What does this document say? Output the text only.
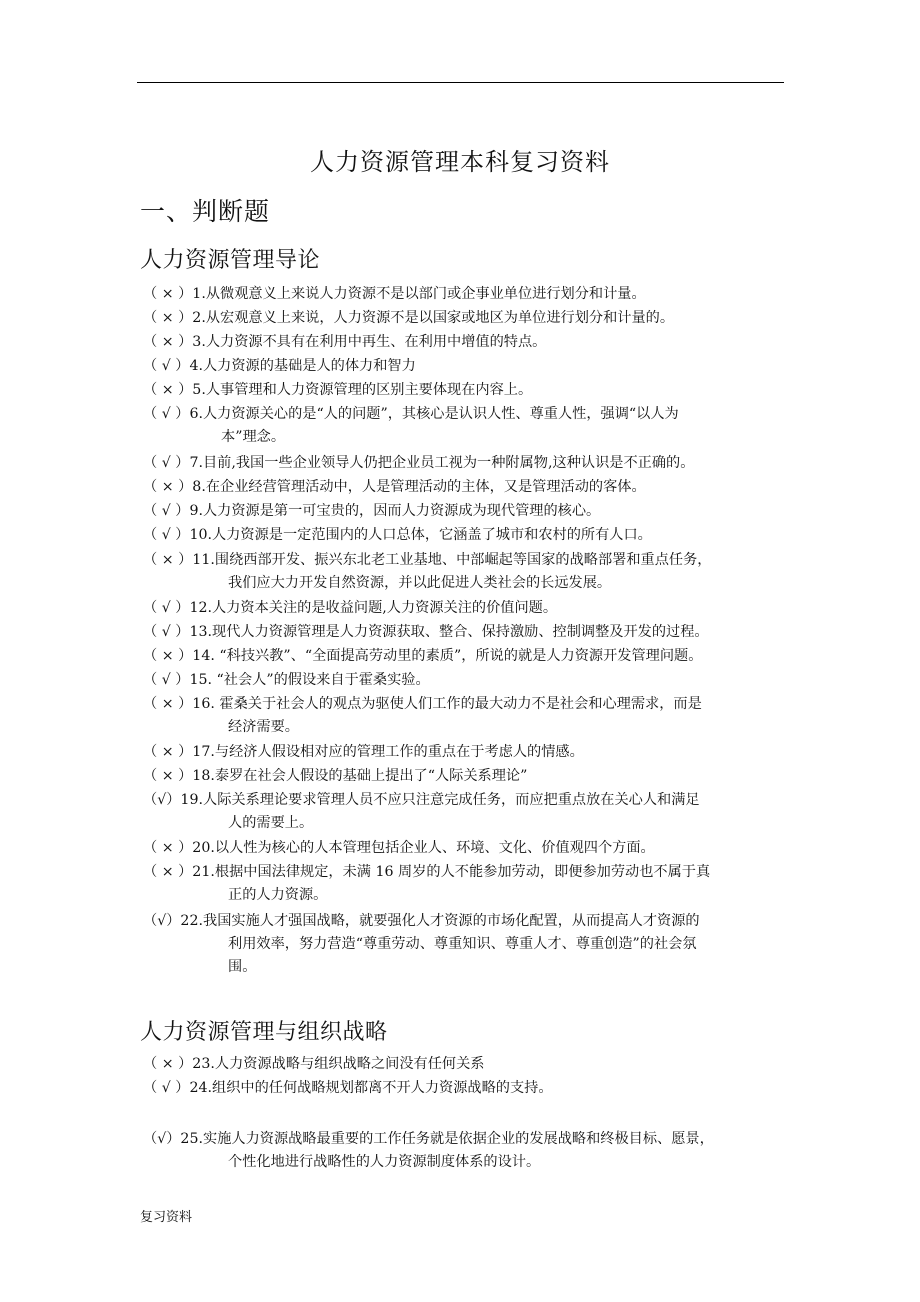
人力资源管理本科复习资料
一、判断题
人力资源管理导论
人力资源管理与组织战略
（ × ）1.从微观意义上来说人力资源不是以部门或企事业单位进行划分和计量。
（ × ）2.从宏观意义上来说，人力资源不是以国家或地区为单位进行划分和计量的。
（ × ）3.人力资源不具有在利用中再生、在利用中增值的特点。
（ √ ）4.人力资源的基础是人的体力和智力
（ × ）5.人事管理和人力资源管理的区别主要体现在内容上。
（ √ ）6.人力资源关心的是“人的问题”，其核心是认识人性、尊重人性，强调“以人为
本”理念。
（ √ ）7.目前,我国一些企业领导人仍把企业员工视为一种附属物,这种认识是不正确的。
（ × ）8.在企业经营管理活动中，人是管理活动的主体，又是管理活动的客体。
（ √ ）9.人力资源是第一可宝贵的，因而人力资源成为现代管理的核心。
（ √ ）10.人力资源是一定范围内的人口总体，它涵盖了城市和农村的所有人口。
（ × ）11.围绕西部开发、振兴东北老工业基地、中部崛起等国家的战略部署和重点任务，
我们应大力开发自然资源，并以此促进人类社会的长远发展。
（ √ ）12.人力资本关注的是收益问题,人力资源关注的价值问题。
（ √ ）13.现代人力资源管理是人力资源获取、整合、保持激励、控制调整及开发的过程。
（ × ）14. “科技兴教”、“全面提高劳动里的素质”，所说的就是人力资源开发管理问题。
（ √ ）15. “社会人”的假设来自于霍桑实验。
（ × ）16. 霍桑关于社会人的观点为驱使人们工作的最大动力不是社会和心理需求，而是
经济需要。
（ × ）17.与经济人假设相对应的管理工作的重点在于考虑人的情感。
（ × ）18.泰罗在社会人假设的基础上提出了“人际关系理论”
（√）19.人际关系理论要求管理人员不应只注意完成任务，而应把重点放在关心人和满足
人的需要上。
（ × ）20.以人性为核心的人本管理包括企业人、环境、文化、价值观四个方面。
（ × ）21.根据中国法律规定，未满 16 周岁的人不能参加劳动，即便参加劳动也不属于真
正的人力资源。
（√）22.我国实施人才强国战略，就要强化人才资源的市场化配置，从而提高人才资源的
利用效率，努力营造“尊重劳动、尊重知识、尊重人才、尊重创造”的社会氛
围。
（ × ）23.人力资源战略与组织战略之间没有任何关系
（ √ ）24.组织中的任何战略规划都离不开人力资源战略的支持。
（√）25.实施人力资源战略最重要的工作任务就是依据企业的发展战略和终极目标、愿景，
个性化地进行战略性的人力资源制度体系的设计。
复习资料
